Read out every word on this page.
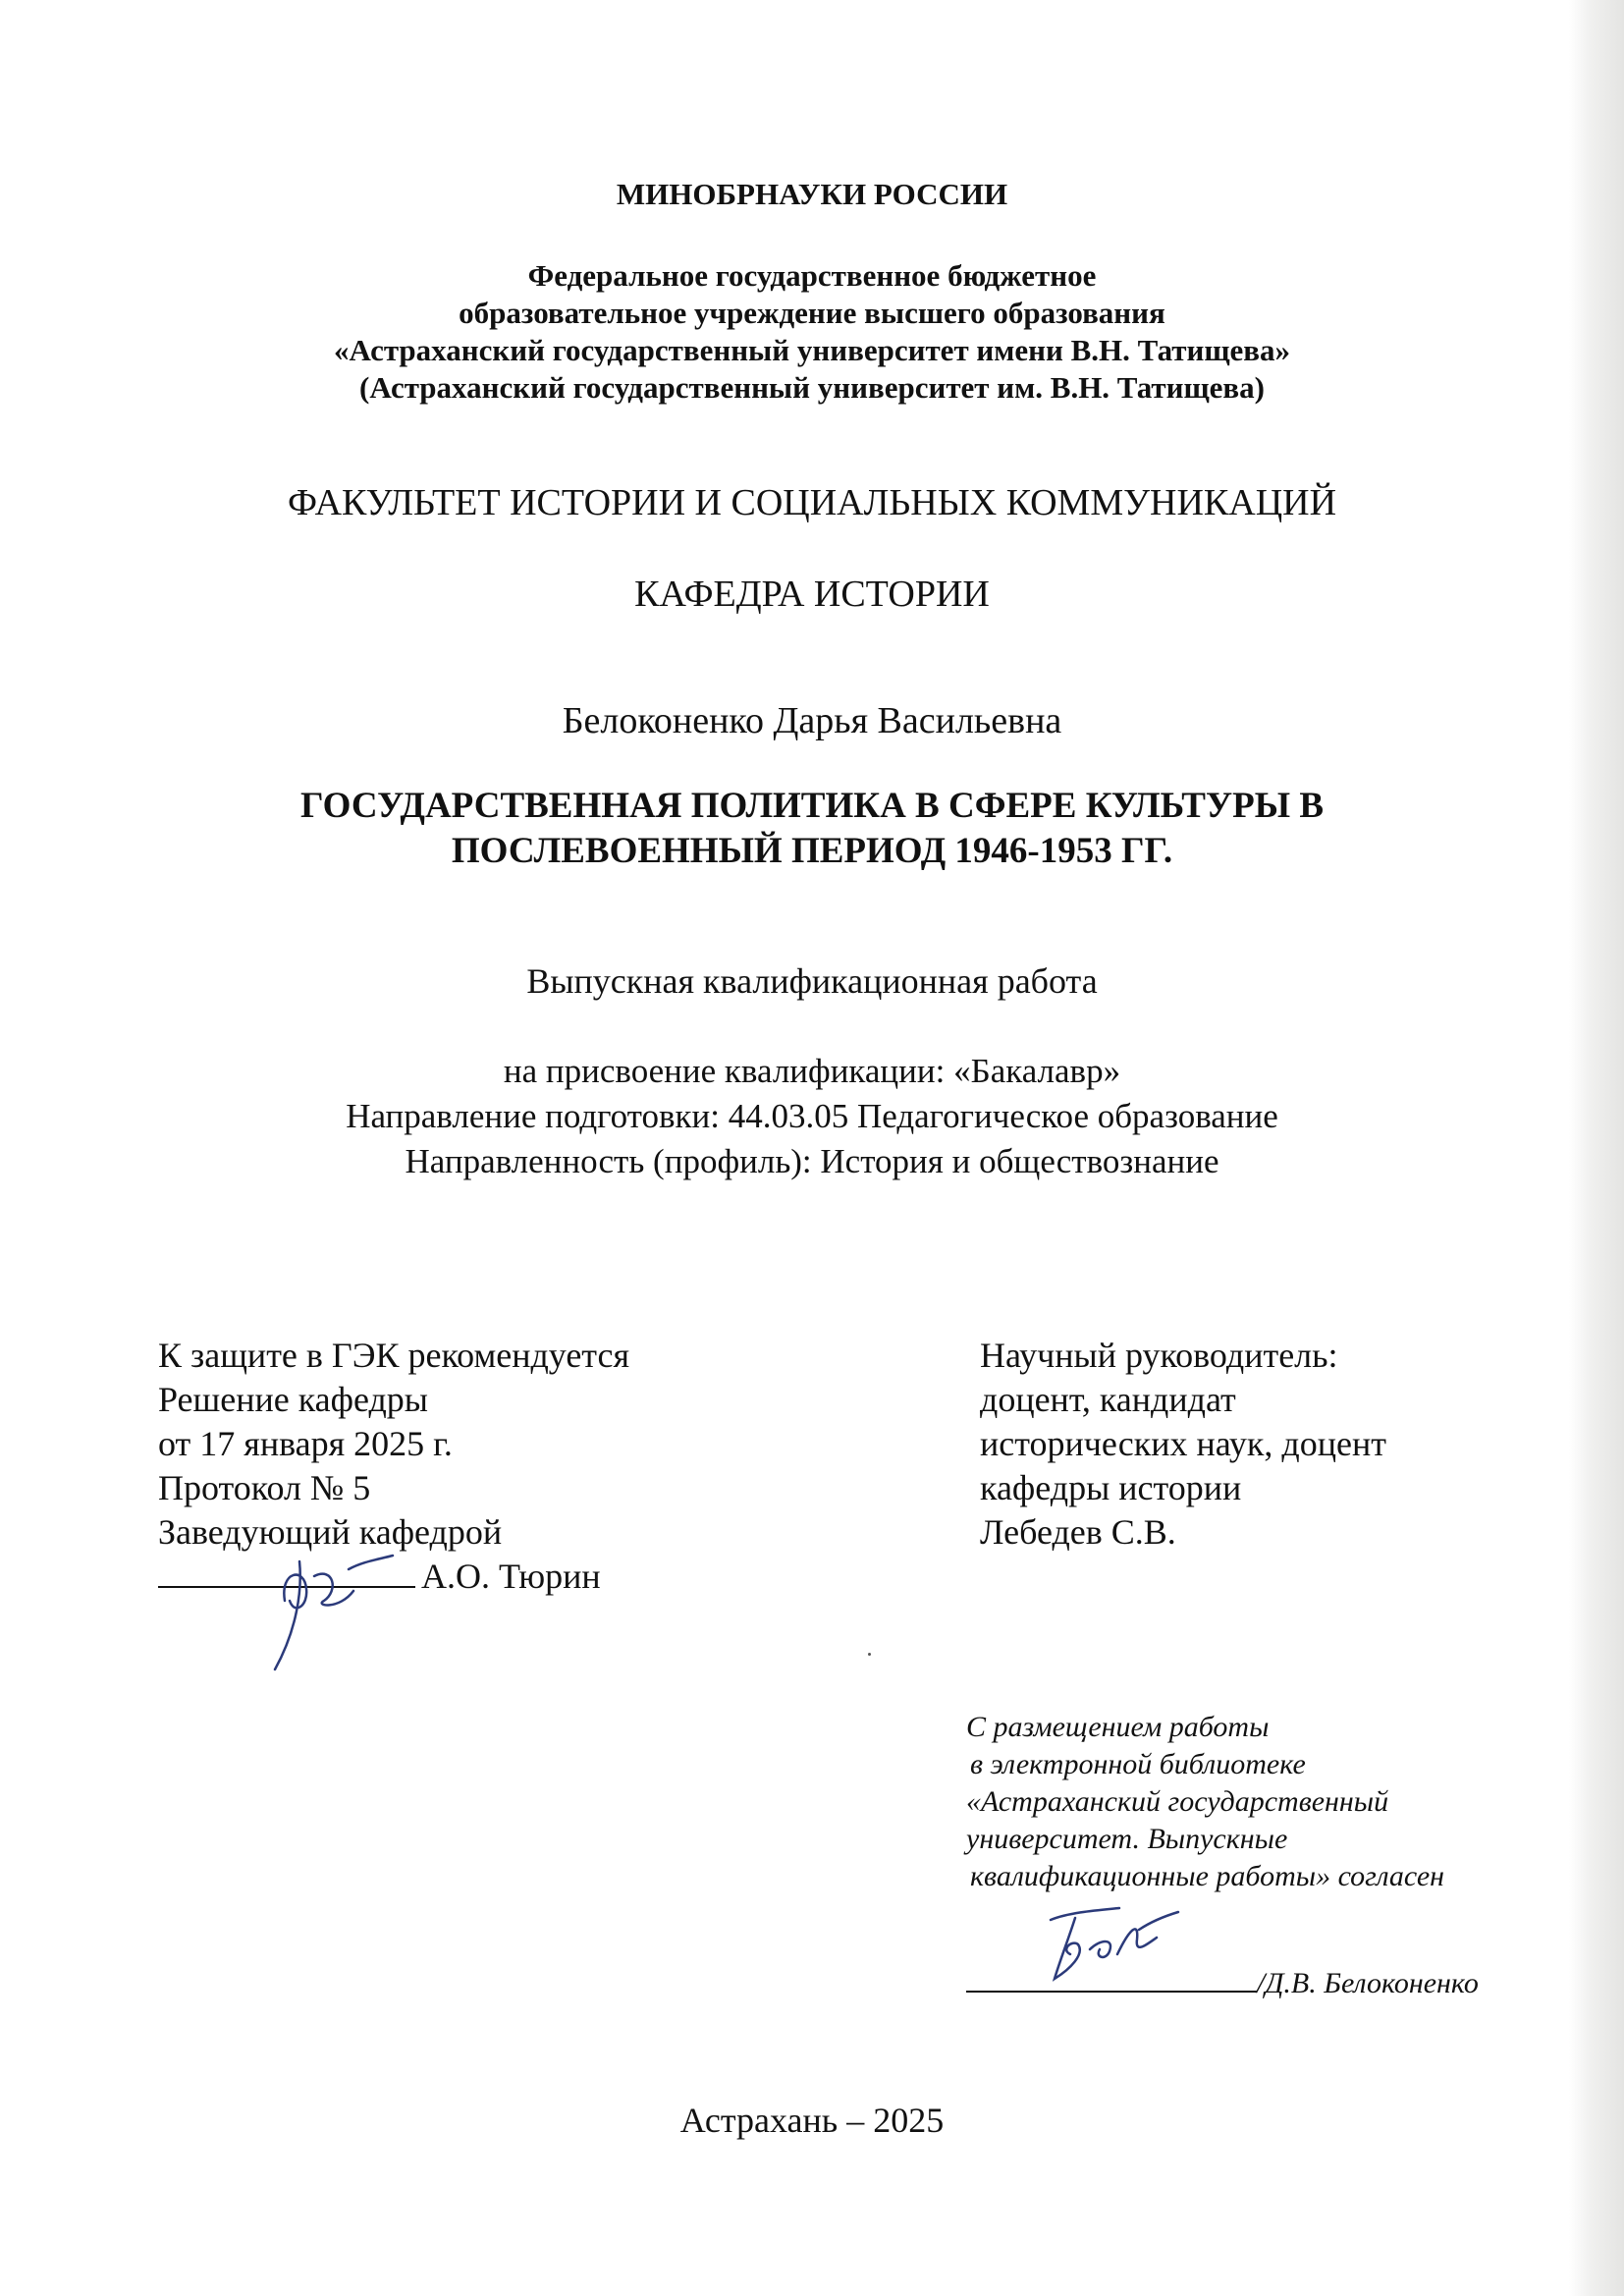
МИНОБРНАУКИ РОССИИ
Федеральное государственное бюджетное
образовательное учреждение высшего образования
«Астраханский государственный университет имени В.Н. Татищева»
(Астраханский государственный университет им. В.Н. Татищева)
ФАКУЛЬТЕТ ИСТОРИИ И СОЦИАЛЬНЫХ КОММУНИКАЦИЙ
КАФЕДРА ИСТОРИИ
Белоконенко Дарья Васильевна
ГОСУДАРСТВЕННАЯ ПОЛИТИКА В СФЕРЕ КУЛЬТУРЫ В
ПОСЛЕВОЕННЫЙ ПЕРИОД 1946-1953 ГГ.
Выпускная квалификационная работа
на присвоение квалификации: «Бакалавр»
Направление подготовки: 44.03.05 Педагогическое образование
Направленность (профиль): История и обществознание
К защите в ГЭК рекомендуется
Решение кафедры
от 17 января 2025 г.
Протокол № 5
Заведующий кафедрой
А.О. Тюрин
Научный руководитель:
доцент, кандидат
исторических наук, доцент
кафедры истории
Лебедев С.В.
С размещением работы
в электронной библиотеке
«Астраханский государственный
университет. Выпускные
квалификационные работы» согласен
/Д.В. Белоконенко
Астрахань – 2025
